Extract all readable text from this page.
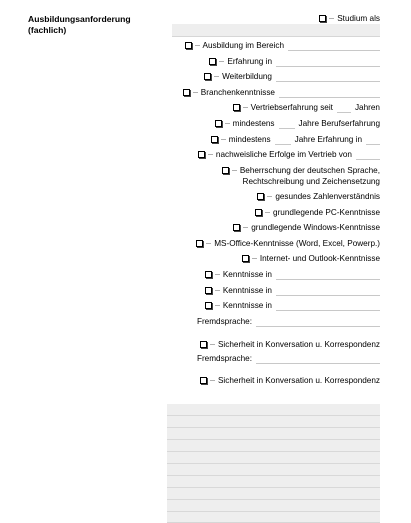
Ausbildungsanforderung (fachlich)
Studium als
Ausbildung im Bereich
Erfahrung in
Weiterbildung
Branchenkenntnisse
Vertriebserfahrung seit	Jahren
mindestens	Jahre Berufserfahrung
mindestens	Jahre Erfahrung in
nachweisliche Erfolge im Vertrieb von
Beherrschung der deutschen Sprache,
Rechtschreibung und Zeichensetzung
gesundes Zahlenverständnis
grundlegende PC-Kenntnisse
grundlegende Windows-Kenntnisse
MS-Office-Kenntnisse (Word, Excel, Powerp.)
Internet- und Outlook-Kenntnisse
Kenntnisse in
Kenntnisse in
Kenntnisse in
Fremdsprache:
Sicherheit in Konversation u. Korrespondenz
Fremdsprache:
Sicherheit in Konversation u. Korrespondenz
